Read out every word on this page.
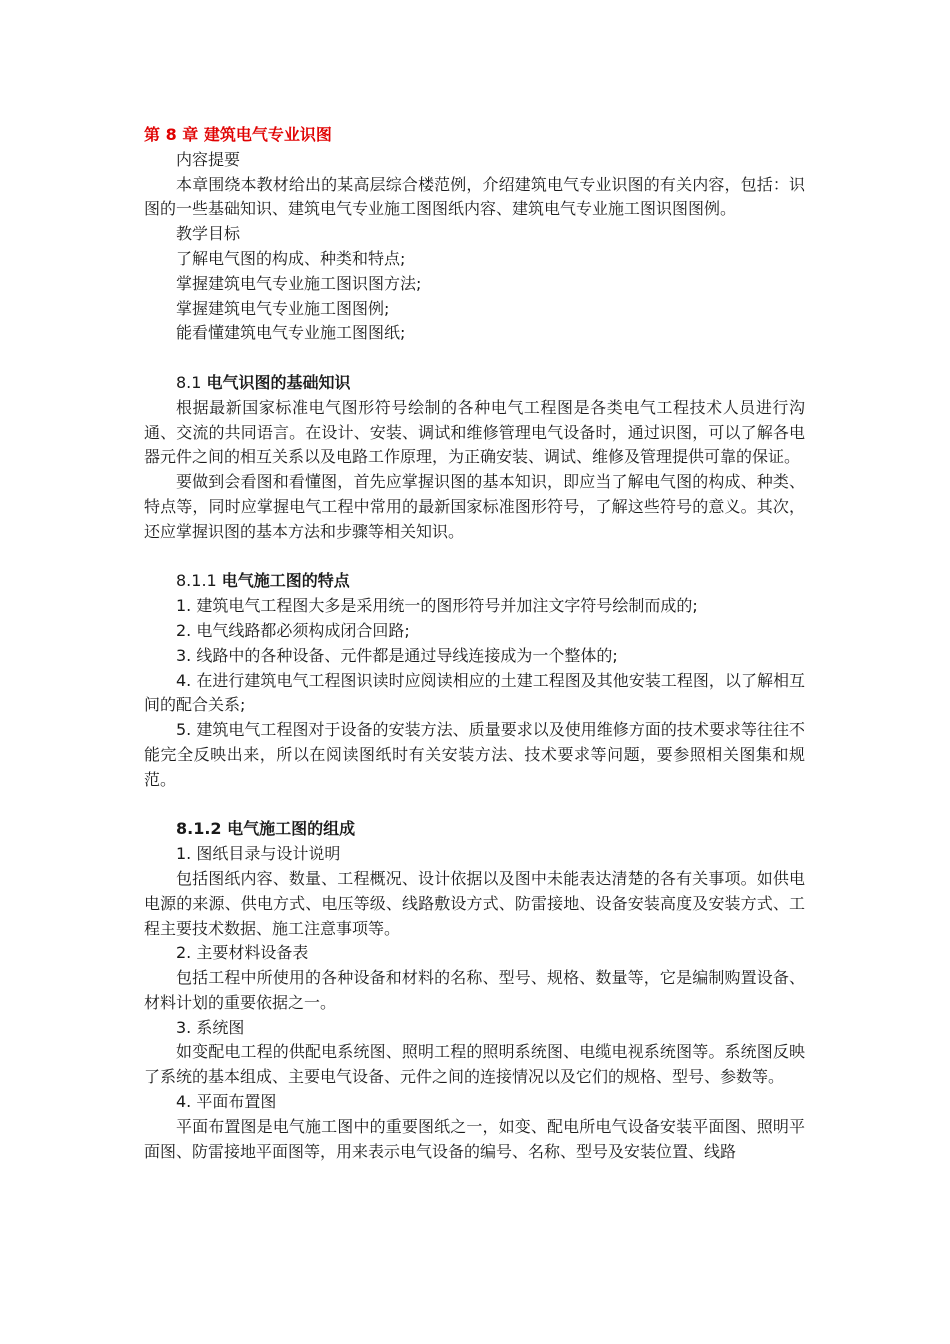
第 8 章 建筑电气专业识图

内容提要

本章围绕本教材给出的某高层综合楼范例，介绍建筑电气专业识图的有关内容，包括：识图的一些基础知识、建筑电气专业施工图图纸内容、建筑电气专业施工图识图图例。

教学目标

了解电气图的构成、种类和特点;

掌握建筑电气专业施工图识图方法;

掌握建筑电气专业施工图图例;

能看懂建筑电气专业施工图图纸;

8.1 电气识图的基础知识

根据最新国家标准电气图形符号绘制的各种电气工程图是各类电气工程技术人员进行沟通、交流的共同语言。在设计、安装、调试和维修管理电气设备时，通过识图，可以了解各电器元件之间的相互关系以及电路工作原理，为正确安装、调试、维修及管理提供可靠的保证。

要做到会看图和看懂图，首先应掌握识图的基本知识，即应当了解电气图的构成、种类、特点等，同时应掌握电气工程中常用的最新国家标准图形符号，了解这些符号的意义。其次，还应掌握识图的基本方法和步骤等相关知识。

8.1.1 电气施工图的特点

1. 建筑电气工程图大多是采用统一的图形符号并加注文字符号绘制而成的;

2. 电气线路都必须构成闭合回路;

3. 线路中的各种设备、元件都是通过导线连接成为一个整体的;

4. 在进行建筑电气工程图识读时应阅读相应的土建工程图及其他安装工程图，以了解相互间的配合关系;

5. 建筑电气工程图对于设备的安装方法、质量要求以及使用维修方面的技术要求等往往不能完全反映出来，所以在阅读图纸时有关安装方法、技术要求等问题，要参照相关图集和规范。

8.1.2 电气施工图的组成

1. 图纸目录与设计说明

包括图纸内容、数量、工程概况、设计依据以及图中未能表达清楚的各有关事项。如供电电源的来源、供电方式、电压等级、线路敷设方式、防雷接地、设备安装高度及安装方式、工程主要技术数据、施工注意事项等。

2. 主要材料设备表

包括工程中所使用的各种设备和材料的名称、型号、规格、数量等，它是编制购置设备、材料计划的重要依据之一。

3. 系统图

如变配电工程的供配电系统图、照明工程的照明系统图、电缆电视系统图等。系统图反映了系统的基本组成、主要电气设备、元件之间的连接情况以及它们的规格、型号、参数等。

4. 平面布置图

平面布置图是电气施工图中的重要图纸之一，如变、配电所电气设备安装平面图、照明平面图、防雷接地平面图等，用来表示电气设备的编号、名称、型号及安装位置、线路
